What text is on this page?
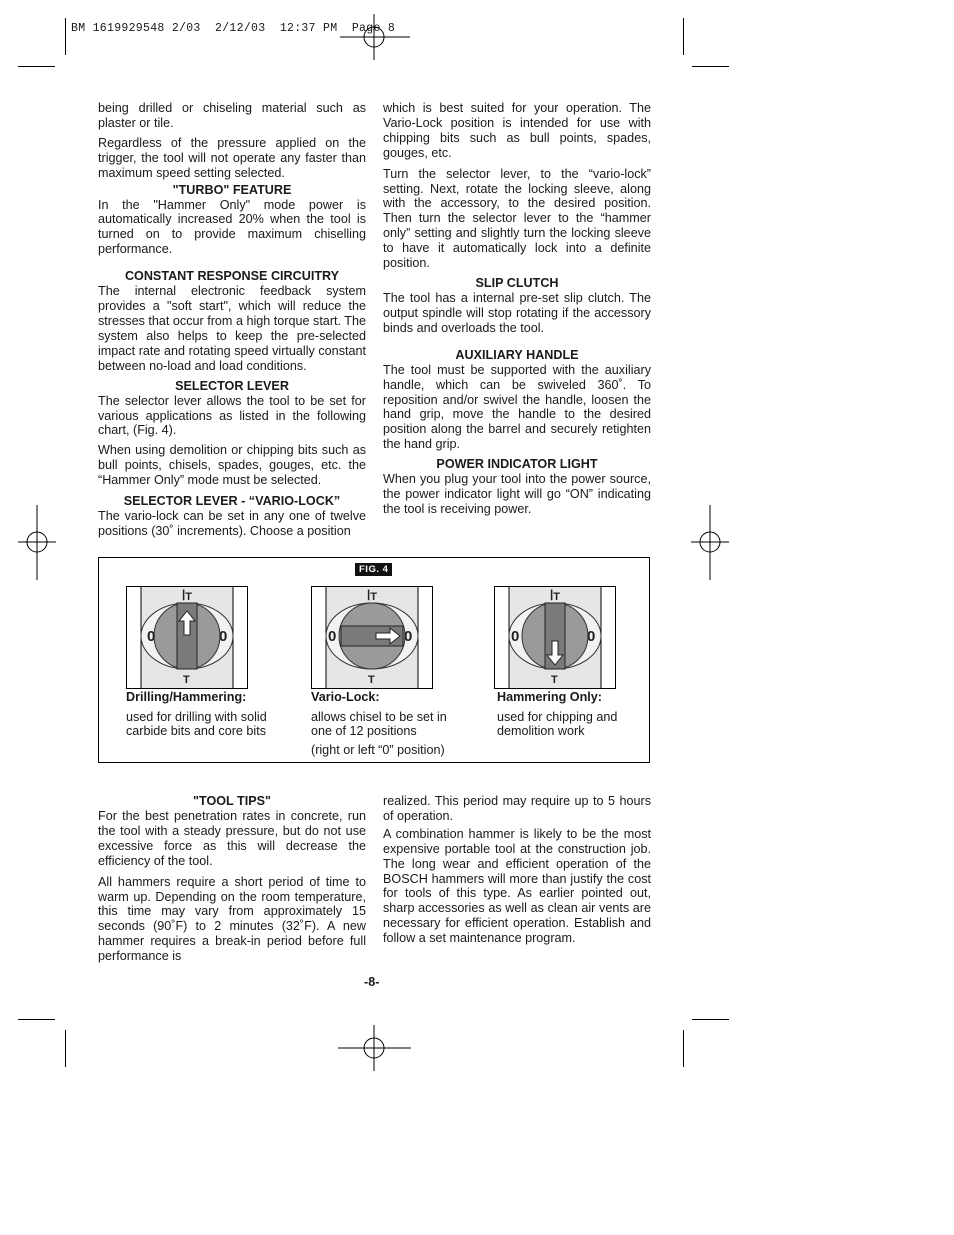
BM 1619929548 2/03  2/12/03  12:37 PM  Page 8

being drilled or chiseling material such as plaster or tile.

Regardless of the pressure applied on the trigger, the tool will not operate any faster than maximum speed setting selected.

"TURBO" FEATURE

In the "Hammer Only" mode power is automatically increased 20% when the tool is turned on to provide maximum chiselling performance.

CONSTANT RESPONSE CIRCUITRY

The internal electronic feedback system provides a "soft start", which will reduce the stresses that occur from a high torque start. The system also helps to keep the pre-selected impact rate and rotating speed virtually constant between no-load and load conditions.

SELECTOR LEVER

The selector lever allows the tool to be set for various applications as listed in the following chart, (Fig. 4).

When using demolition or chipping bits such as bull points, chisels, spades, gouges, etc. the “Hammer Only” mode must be selected.

SELECTOR LEVER - “VARIO-LOCK”

The vario-lock can be set in any one of twelve positions (30˚ increments). Choose a position

which is best suited for your operation. The Vario-Lock position is intended for use with chipping bits such as bull points, spades, gouges, etc.

Turn the selector lever, to the “vario-lock” setting. Next, rotate the locking sleeve, along with the accessory, to the desired position. Then turn the selector lever to the “hammer only” setting and slightly turn the locking sleeve to have it automatically lock into a definite position.

SLIP CLUTCH

The tool has a internal pre-set slip clutch. The output spindle will stop rotating if the accessory binds and overloads the tool.

AUXILIARY HANDLE

The tool must be supported with the auxiliary handle, which can be swiveled 360˚. To reposition and/or swivel the handle, loosen the hand grip, move the handle to the desired position along the barrel and securely retighten the hand grip.

POWER INDICATOR LIGHT

When you plug your tool into the power source, the power indicator light will go “ON” indicating the tool is receiving power.

FIG. 4
0	0
ꟾT
T
0	0
ꟾT
T
0	0
ꟾT
T
Drilling/Hammering:
used for drilling with solid carbide bits and core bits
Vario-Lock:
allows chisel to be set in one of 12 positions
(right or left “0” position)
Hammering Only:
used for chipping and demolition work
"TOOL TIPS"

For the best penetration rates in concrete, run the tool with a steady pressure, but do not use excessive force as this will decrease the efficiency of the tool.

All hammers require a short period of time to warm up. Depending on the room temperature, this time may vary from approximately 15 seconds (90˚F) to 2 minutes (32˚F). A new hammer requires a break-in period before full performance is

realized. This period may require up to 5 hours of operation.

A combination hammer is likely to be the most expensive portable tool at the construction job. The long wear and efficient operation of the BOSCH hammers will more than justify the cost for tools of this type. As earlier pointed out, sharp accessories as well as clean air vents are necessary for efficient operation. Establish and follow a set maintenance program.

-8-
